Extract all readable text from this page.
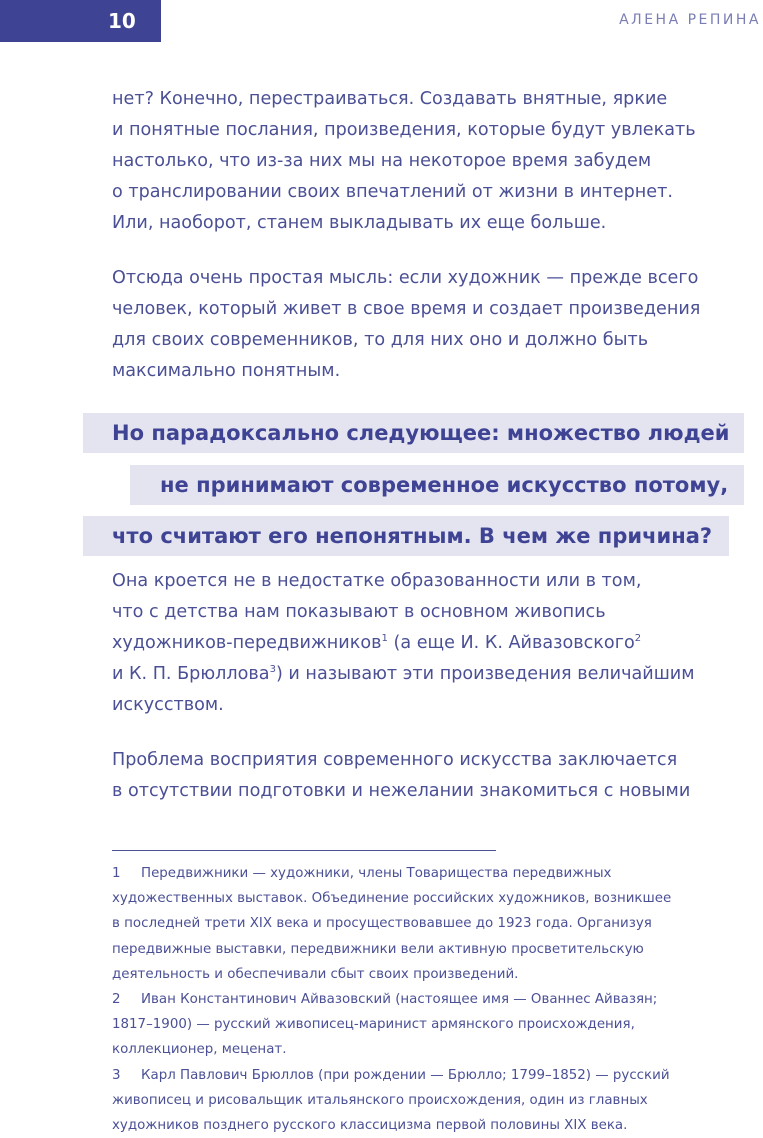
10	АЛЕНА РЕПИНА

нет? Конечно, перестраиваться. Создавать внятные, яркие
и понятные послания, произведения, которые будут увлекать
настолько, что из-за них мы на некоторое время забудем
о транслировании своих впечатлений от жизни в интернет.
Или, наоборот, станем выкладывать их еще больше.

Отсюда очень простая мысль: если художник — прежде всего
человек, который живет в свое время и создает произведения
для своих современников, то для них оно и должно быть
максимально понятным.

Но парадоксально следующее: множество людей
не принимают современное искусство потому,
что считают его непонятным. В чем же причина?

Она кроется не в недостатке образованности или в том,
что с детства нам показывают в основном живопись
художников-передвижников$^1$ (а еще И. К. Айвазовского$^2$
и К. П. Брюллова$^3$) и называют эти произведения величайшим
искусством.

Проблема восприятия современного искусства заключается
в отсутствии подготовки и нежелании знакомиться с новыми

1 Передвижники — художники, члены Товарищества передвижных
художественных выставок. Объединение российских художников, возникшее
в последней трети XIX века и просуществовавшее до 1923 года. Организуя
передвижные выставки, передвижники вели активную просветительскую
деятельность и обеспечивали сбыт своих произведений.
2 Иван Константинович Айвазовский (настоящее имя — Ованнес Айвазян;
1817–1900) — русский живописец-маринист армянского происхождения,
коллекционер, меценат.
3 Карл Павлович Брюллов (при рождении — Брюлло; 1799–1852) — русский
живописец и рисовальщик итальянского происхождения, один из главных
художников позднего русского классицизма первой половины XIX века.
